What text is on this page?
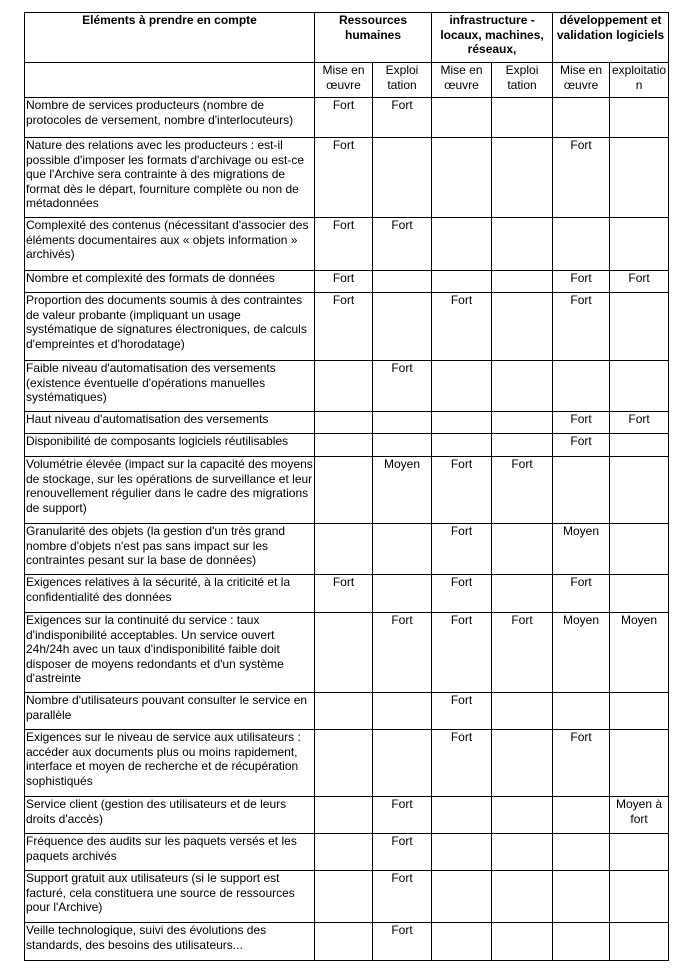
Eléments à prendre en compte	Ressources humaines		infrastructure - locaux, machines, réseaux,		développement et validation logiciels	
	Mise en œuvre	Exploi tation	Mise en œuvre	Exploi tation	Mise en œuvre	exploitatio n
Nombre de services producteurs (nombre de protocoles de versement, nombre d'interlocuteurs)	Fort	Fort				
Nature des relations avec les producteurs : est-il possible d'imposer les formats d'archivage ou est-ce que l'Archive sera contrainte à des migrations de format dès le départ, fourniture complète ou non de métadonnées	Fort				Fort	
Complexité des contenus (nécessitant d'associer des éléments documentaires aux « objets information » archivés)	Fort	Fort				
Nombre et complexité des formats de données	Fort				Fort	Fort
Proportion des documents soumis à des contraintes de valeur probante (impliquant un usage systématique de signatures électroniques, de calculs d'empreintes et d'horodatage)	Fort		Fort		Fort	
Faible niveau d'automatisation des versements (existence éventuelle d'opérations manuelles systématiques)		Fort				
Haut niveau d'automatisation des versements					Fort	Fort
Disponibilité de composants logiciels réutilisables					Fort	
Volumétrie élevée (impact sur la capacité des moyens de stockage, sur les opérations de surveillance et leur renouvellement régulier dans le cadre des migrations de support)		Moyen	Fort	Fort		
Granularité des objets (la gestion d'un très grand nombre d'objets n'est pas sans impact sur les contraintes pesant sur la base de données)			Fort		Moyen	
Exigences relatives à la sécurité, à la criticité et la confidentialité des données	Fort		Fort		Fort	
Exigences sur la continuité du service : taux d'indisponibilité acceptables. Un service ouvert 24h/24h avec un taux d'indisponibilité faible doit disposer de moyens redondants et d'un système d'astreinte		Fort	Fort	Fort	Moyen	Moyen
Nombre d'utilisateurs pouvant consulter le service en parallèle			Fort			
Exigences sur le niveau de service aux utilisateurs : accéder aux documents plus ou moins rapidement, interface et moyen de recherche et de récupération sophistiqués			Fort		Fort	
Service client (gestion des utilisateurs et de leurs droits d'accès)		Fort				Moyen à fort
Fréquence des audits sur les paquets versés et les paquets archivés		Fort				
Support gratuit aux utilisateurs (si le support est facturé, cela constituera une source de ressources pour l'Archive)		Fort				
Veille technologique, suivi des évolutions des standards, des besoins des utilisateurs...		Fort				
